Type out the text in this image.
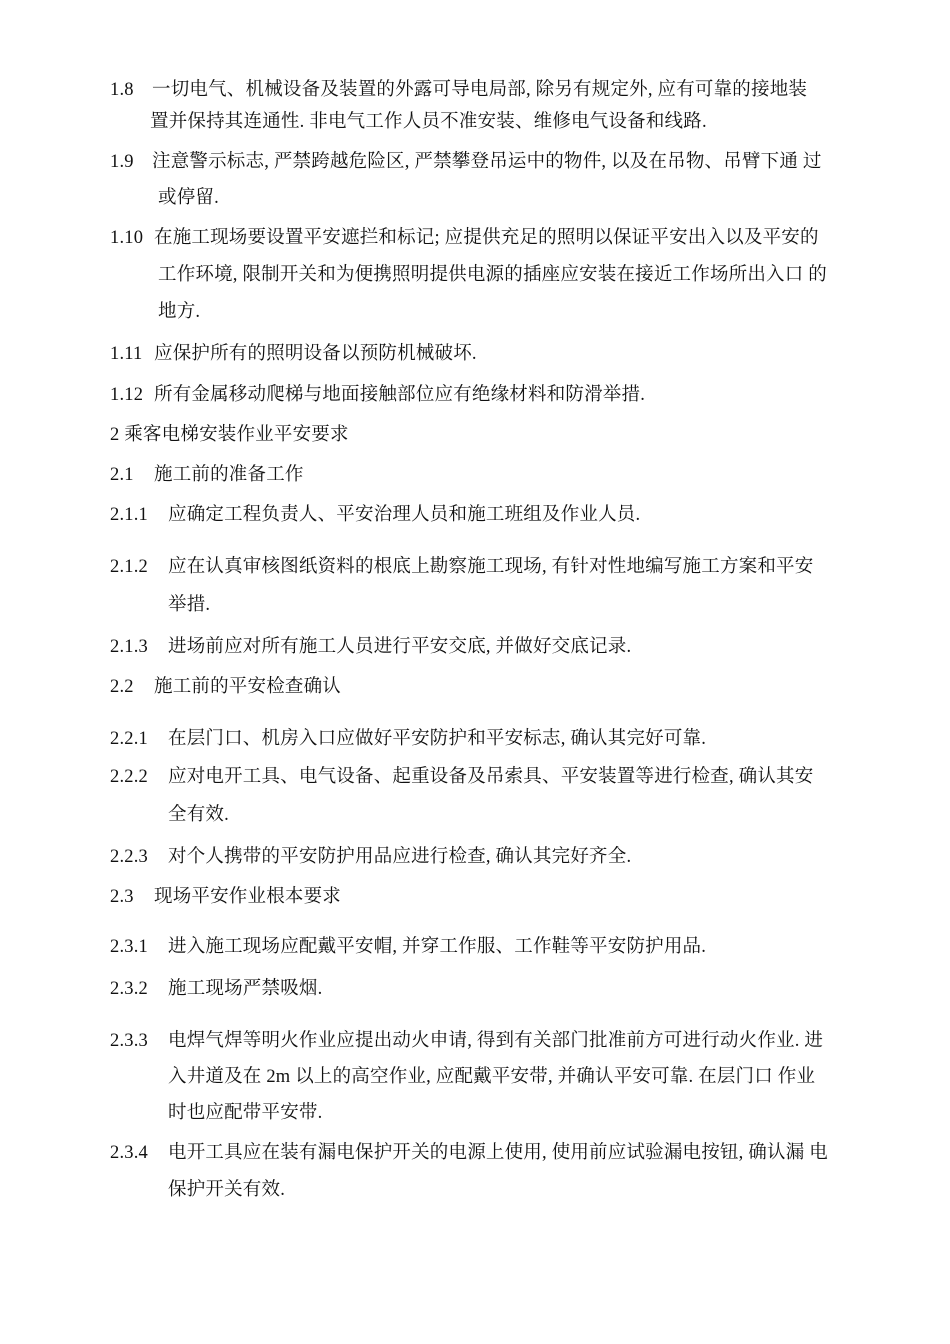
1.8 一切电气、机械设备及装置的外露可导电局部, 除另有规定外, 应有可靠的接地装
置并保持其连通性. 非电气工作人员不准安装、维修电气设备和线路.
1.9 注意警示标志, 严禁跨越危险区, 严禁攀登吊运中的物件, 以及在吊物、吊臂下通 过
或停留.
1.10 在施工现场要设置平安遮拦和标记; 应提供充足的照明以保证平安出入以及平安的
工作环境, 限制开关和为便携照明提供电源的插座应安装在接近工作场所出入口 的
地方.
1.11 应保护所有的照明设备以预防机械破坏.
1.12 所有金属移动爬梯与地面接触部位应有绝缘材料和防滑举措.
2 乘客电梯安装作业平安要求
2.1 施工前的准备工作
2.1.1 应确定工程负责人、平安治理人员和施工班组及作业人员.
2.1.2 应在认真审核图纸资料的根底上勘察施工现场, 有针对性地编写施工方案和平安
举措.
2.1.3 进场前应对所有施工人员进行平安交底, 并做好交底记录.
2.2 施工前的平安检查确认
2.2.1 在层门口、机房入口应做好平安防护和平安标志, 确认其完好可靠.
2.2.2 应对电开工具、电气设备、起重设备及吊索具、平安装置等进行检查, 确认其安
全有效.
2.2.3 对个人携带的平安防护用品应进行检查, 确认其完好齐全.
2.3 现场平安作业根本要求
2.3.1 进入施工现场应配戴平安帽, 并穿工作服、工作鞋等平安防护用品.
2.3.2 施工现场严禁吸烟.
2.3.3 电焊气焊等明火作业应提出动火申请, 得到有关部门批准前方可进行动火作业. 进
入井道及在 2m 以上的高空作业, 应配戴平安带, 并确认平安可靠. 在层门口 作业
时也应配带平安带.
2.3.4 电开工具应在装有漏电保护开关的电源上使用, 使用前应试验漏电按钮, 确认漏 电
保护开关有效.
